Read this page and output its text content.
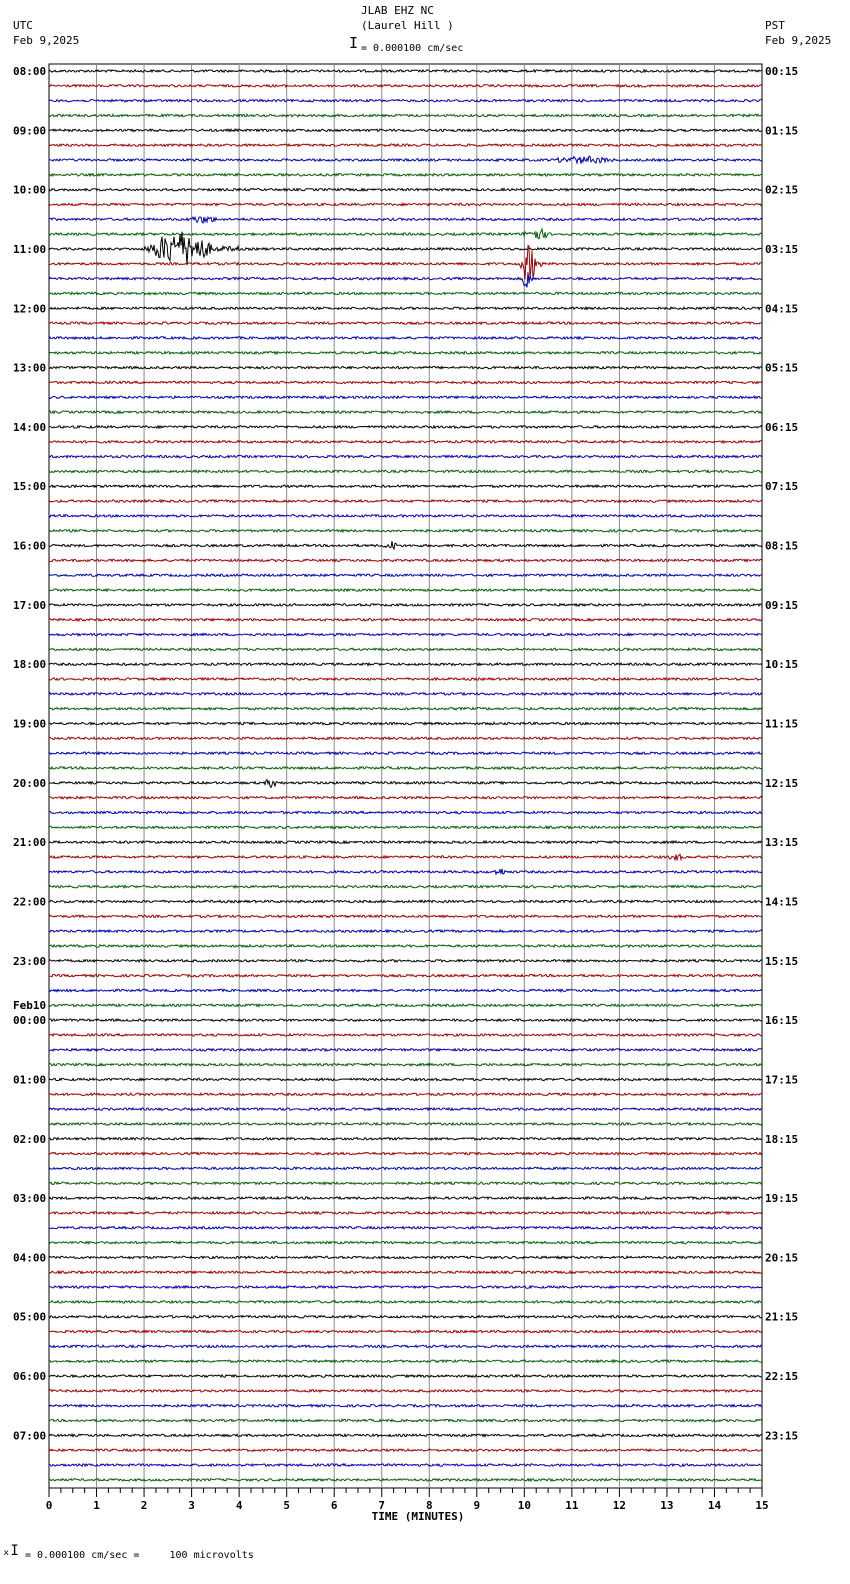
JLAB EHZ NC
(Laurel Hill )
UTC
Feb 9,2025
PST
Feb 9,2025
I = 0.000100 cm/sec
ₓI = 0.000100 cm/sec =     100 microvolts
08:00
09:00
10:00
11:00
12:00
13:00
14:00
15:00
16:00
17:00
18:00
19:00
20:00
21:00
22:00
23:00
00:00
01:00
02:00
03:00
04:00
05:00
06:00
07:00
00:15
01:15
02:15
03:15
04:15
05:15
06:15
07:15
08:15
09:15
10:15
11:15
12:15
13:15
14:15
15:15
16:15
17:15
18:15
19:15
20:15
21:15
22:15
23:15
Feb10
0	1	2	3	4	5	6	7	8	9	10	11	12	13	14	15
TIME (MINUTES)
